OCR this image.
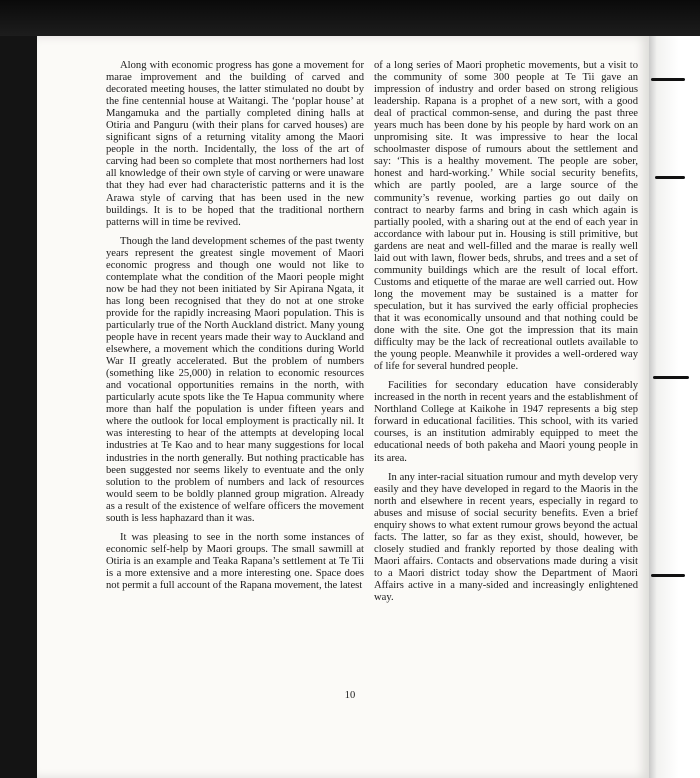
Along with economic progress has gone a movement for marae improvement and the building of carved and decorated meeting houses, the latter stimulated no doubt by the fine centennial house at Waitangi. The ‘poplar house’ at Mangamuka and the partially completed dining halls at Otiria and Panguru (with their plans for carved houses) are significant signs of a returning vitality among the Maori people in the north. Incidentally, the loss of the art of carving had been so complete that most northerners had lost all knowledge of their own style of carving or were unaware that they had ever had characteristic patterns and it is the Arawa style of carving that has been used in the new buildings. It is to be hoped that the traditional northern patterns will in time be revived.

Though the land development schemes of the past twenty years represent the greatest single movement of Maori economic progress and though one would not like to contemplate what the condition of the Maori people might now be had they not been initiated by Sir Apirana Ngata, it has long been recognised that they do not at one stroke provide for the rapidly increasing Maori population. This is particularly true of the North Auckland district. Many young people have in recent years made their way to Auckland and elsewhere, a movement which the conditions during World War II greatly accelerated. But the problem of numbers (something like 25,000) in relation to economic resources and vocational opportunities remains in the north, with particularly acute spots like the Te Hapua community where more than half the population is under fifteen years and where the outlook for local employment is practically nil. It was interesting to hear of the attempts at developing local industries at Te Kao and to hear many suggestions for local industries in the north generally. But nothing practicable has been suggested nor seems likely to eventuate and the only solution to the problem of numbers and lack of resources would seem to be boldly planned group migration. Already as a result of the existence of welfare officers the movement south is less haphazard than it was.

It was pleasing to see in the north some instances of economic self-help by Maori groups. The small sawmill at Otiria is an example and Teaka Rapana’s settlement at Te Tii is a more extensive and a more interesting one. Space does not permit a full account of the Rapana movement, the latest

of a long series of Maori prophetic movements, but a visit to the community of some 300 people at Te Tii gave an impression of industry and order based on strong religious leadership. Rapana is a prophet of a new sort, with a good deal of practical common-sense, and during the past three years much has been done by his people by hard work on an unpromising site. It was impressive to hear the local schoolmaster dispose of rumours about the settlement and say: ‘This is a healthy movement. The people are sober, honest and hard-working.’ While social security benefits, which are partly pooled, are a large source of the community’s revenue, working parties go out daily on contract to nearby farms and bring in cash which again is partially pooled, with a sharing out at the end of each year in accordance with labour put in. Housing is still primitive, but gardens are neat and well-filled and the marae is really well laid out with lawn, flower beds, shrubs, and trees and a set of community buildings which are the result of local effort. Customs and etiquette of the marae are well carried out. How long the movement may be sustained is a matter for speculation, but it has survived the early official prophecies that it was economically unsound and that nothing could be done with the site. One got the impression that its main difficulty may be the lack of recreational outlets available to the young people. Meanwhile it provides a well-ordered way of life for several hundred people.

Facilities for secondary education have considerably increased in the north in recent years and the establishment of Northland College at Kaikohe in 1947 represents a big step forward in educational facilities. This school, with its varied courses, is an institution admirably equipped to meet the educational needs of both pakeha and Maori young people in its area.

In any inter-racial situation rumour and myth develop very easily and they have developed in regard to the Maoris in the north and elsewhere in recent years, especially in regard to abuses and misuse of social security benefits. Even a brief enquiry shows to what extent rumour grows beyond the actual facts. The latter, so far as they exist, should, however, be closely studied and frankly reported by those dealing with Maori affairs. Contacts and observations made during a visit to a Maori district today show the Department of Maori Affairs active in a many-sided and increasingly enlightened way.

10
